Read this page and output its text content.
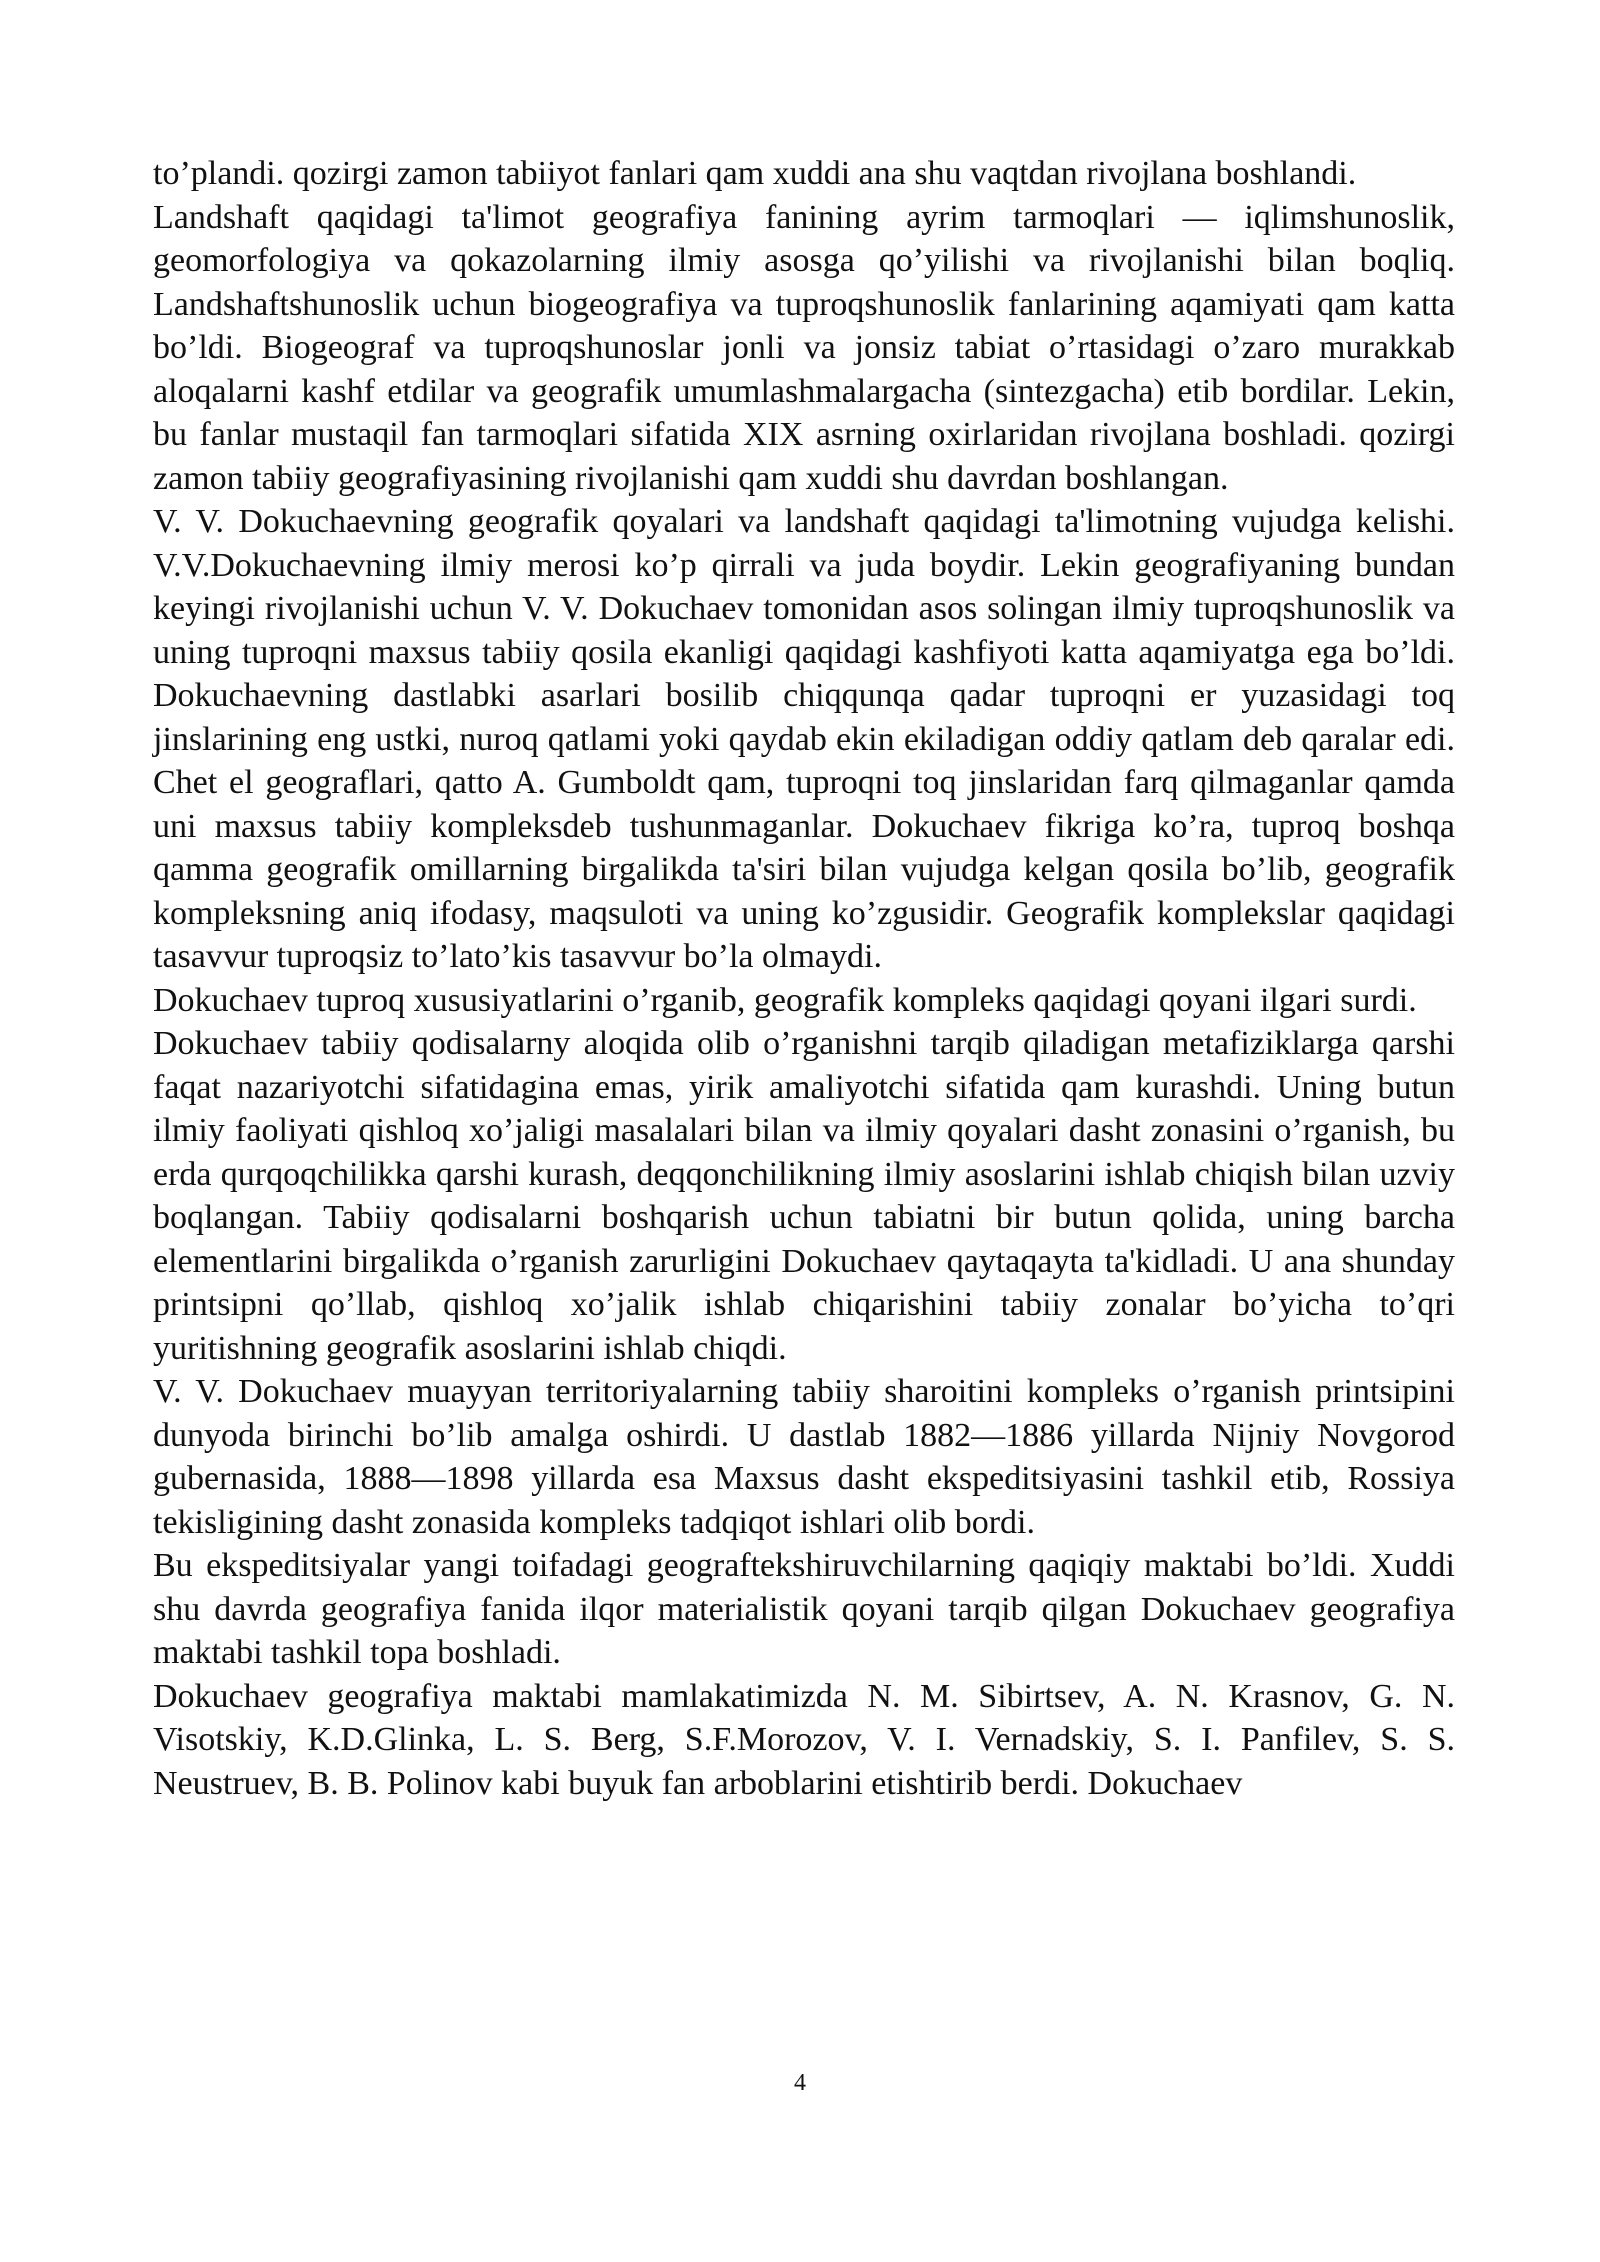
to’plandi. qozirgi zamon tabiiyot fanlari qam xuddi ana shu vaqtdan rivojlana boshlandi.

Landshaft qaqidagi ta'limot geografiya fanining ayrim tarmoqlari — iqlimshunoslik, geomorfologiya va qokazolarning ilmiy asosga qo’yilishi va rivojlanishi bilan boqliq. Landshaftshunoslik uchun biogeografiya va tuproqshunoslik fanlarining aqamiyati qam katta bo’ldi. Biogeograf va tuproqshunoslar jonli va jonsiz tabiat o’rtasidagi o’zaro murakkab aloqalarni kashf etdilar va geografik umumlashmalargacha (sintezgacha) etib bordilar. Lekin, bu fanlar mustaqil fan tarmoqlari sifatida XIX asrning oxirlaridan rivojlana boshladi. qozirgi zamon tabiiy geografiyasining rivojlanishi qam xuddi shu davrdan boshlangan.

V. V. Dokuchaevning geografik qoyalari va landshaft qaqidagi ta'limotning vujudga kelishi. V.V.Dokuchaevning ilmiy merosi ko’p qirrali va juda boydir. Lekin geografiyaning bundan keyingi rivojlanishi uchun V. V. Dokuchaev tomonidan asos solingan ilmiy tuproqshunoslik va uning tuproqni maxsus tabiiy qosila ekanligi qaqidagi kashfiyoti katta aqamiyatga ega bo’ldi. Dokuchaevning dastlabki asarlari bosilib chiqqunqa qadar tuproqni er yuzasidagi toq jinslarining eng ustki, nuroq qatlami yoki qaydab ekin ekiladigan oddiy qatlam deb qaralar edi. Chet el geograflari, qatto A. Gumboldt qam, tuproqni toq jinslaridan farq qilmaganlar qamda uni maxsus tabiiy kompleksdeb tushunmaganlar. Dokuchaev fikriga ko’ra, tuproq boshqa qamma geografik omillarning birgalikda ta'siri bilan vujudga kelgan qosila bo’lib, geografik kompleksning aniq ifodasy, maqsuloti va uning ko’zgusidir. Geografik komplekslar qaqidagi tasavvur tuproqsiz to’lato’kis tasavvur bo’la olmaydi.

Dokuchaev tuproq xususiyatlarini o’rganib, geografik kompleks qaqidagi qoyani ilgari surdi.

Dokuchaev tabiiy qodisalarny aloqida olib o’rganishni tarqib qiladigan metafiziklarga qarshi faqat nazariyotchi sifatidagina emas, yirik amaliyotchi sifatida qam kurashdi. Uning butun ilmiy faoliyati qishloq xo’jaligi masalalari bilan va ilmiy qoyalari dasht zonasini o’rganish, bu erda qurqoqchilikka qarshi kurash, deqqonchilikning ilmiy asoslarini ishlab chiqish bilan uzviy boqlangan. Tabiiy qodisalarni boshqarish uchun tabiatni bir butun qolida, uning barcha elementlarini birgalikda o’rganish zarurligini Dokuchaev qaytaqayta ta'kidladi. U ana shunday printsipni qo’llab, qishloq xo’jalik ishlab chiqarishini tabiiy zonalar bo’yicha to’qri yuritishning geografik asoslarini ishlab chiqdi.

V. V. Dokuchaev muayyan territoriyalarning tabiiy sharoitini kompleks o’rganish printsipini dunyoda birinchi bo’lib amalga oshirdi. U dastlab 1882—1886 yillarda Nijniy Novgorod gubernasida, 1888—1898 yillarda esa Maxsus dasht ekspeditsiyasini tashkil etib, Rossiya tekisligining dasht zonasida kompleks tadqiqot ishlari olib bordi.

Bu ekspeditsiyalar yangi toifadagi geograftekshiruvchilarning qaqiqiy maktabi bo’ldi. Xuddi shu davrda geografiya fanida ilqor materialistik qoyani tarqib qilgan Dokuchaev geografiya maktabi tashkil topa boshladi.

Dokuchaev geografiya maktabi mamlakatimizda N. M. Sibirtsev, A. N. Krasnov, G. N. Visotskiy, K.D.Glinka, L. S. Berg, S.F.Morozov, V. I. Vernadskiy, S. I. Panfilev, S. S. Neustruev, B. B. Polinov kabi buyuk fan arboblarini etishtirib berdi. Dokuchaev

4
